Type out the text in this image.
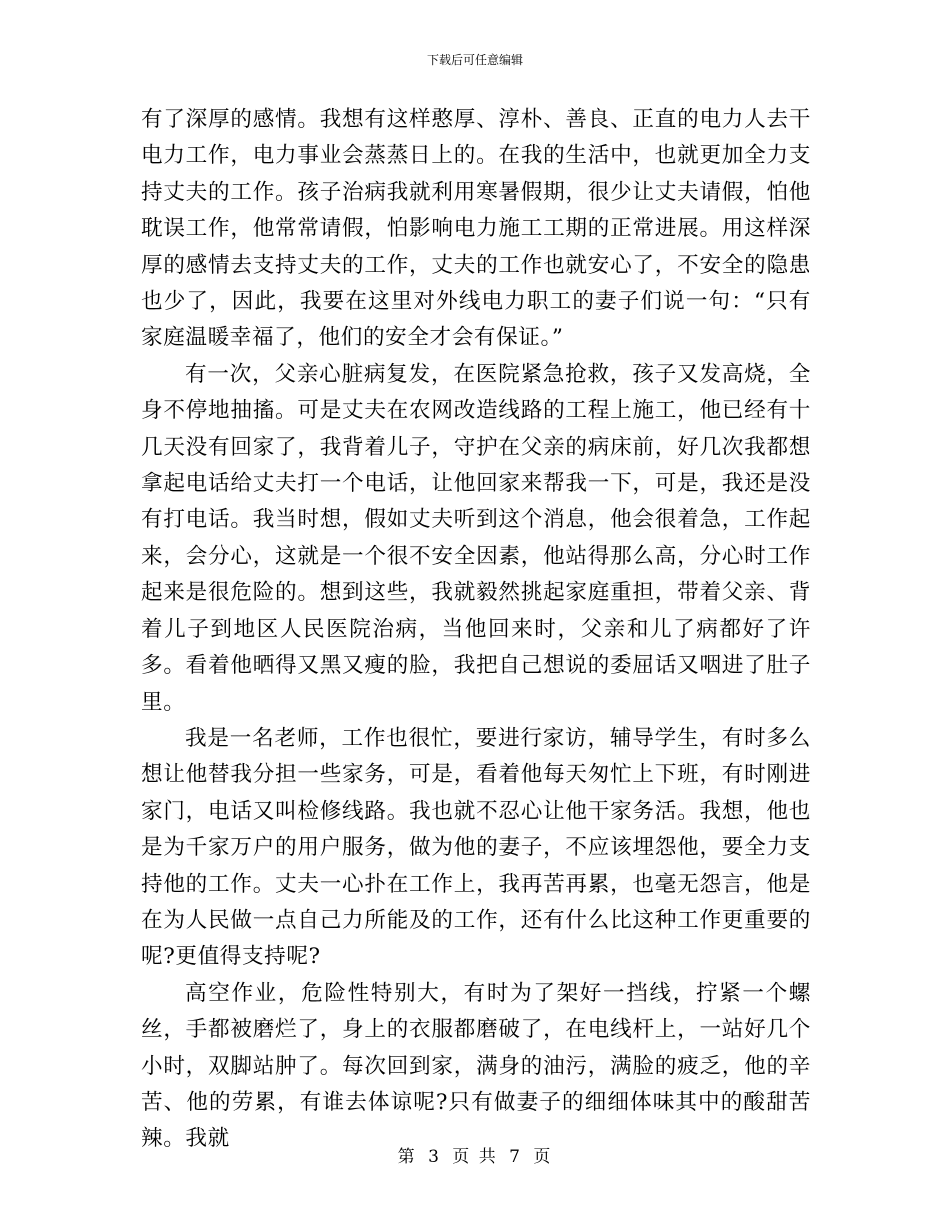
下载后可任意编辑

有了深厚的感情。我想有这样憨厚、淳朴、善良、正直的电力人去干电力工作，电力事业会蒸蒸日上的。在我的生活中，也就更加全力支持丈夫的工作。孩子治病我就利用寒暑假期，很少让丈夫请假，怕他耽误工作，他常常请假，怕影响电力施工工期的正常进展。用这样深厚的感情去支持丈夫的工作，丈夫的工作也就安心了，不安全的隐患也少了，因此，我要在这里对外线电力职工的妻子们说一句：“只有家庭温暖幸福了，他们的安全才会有保证。”

有一次，父亲心脏病复发，在医院紧急抢救，孩子又发高烧，全身不停地抽搐。可是丈夫在农网改造线路的工程上施工，他已经有十几天没有回家了，我背着儿子，守护在父亲的病床前，好几次我都想拿起电话给丈夫打一个电话，让他回家来帮我一下，可是，我还是没有打电话。我当时想，假如丈夫听到这个消息，他会很着急，工作起来，会分心，这就是一个很不安全因素，他站得那么高，分心时工作起来是很危险的。想到这些，我就毅然挑起家庭重担，带着父亲、背着儿子到地区人民医院治病，当他回来时，父亲和儿了病都好了许多。看着他晒得又黑又瘦的脸，我把自己想说的委屈话又咽进了肚子里。

我是一名老师，工作也很忙，要进行家访，辅导学生，有时多么想让他替我分担一些家务，可是，看着他每天匆忙上下班，有时刚进家门，电话又叫检修线路。我也就不忍心让他干家务活。我想，他也是为千家万户的用户服务，做为他的妻子，不应该埋怨他，要全力支持他的工作。丈夫一心扑在工作上，我再苦再累，也毫无怨言，他是在为人民做一点自己力所能及的工作，还有什么比这种工作更重要的呢?更值得支持呢?

高空作业，危险性特别大，有时为了架好一挡线，拧紧一个螺丝，手都被磨烂了，身上的衣服都磨破了，在电线杆上，一站好几个小时，双脚站肿了。每次回到家，满身的油污，满脸的疲乏，他的辛苦、他的劳累，有谁去体谅呢?只有做妻子的细细体味其中的酸甜苦辣。我就

第 3 页 共 7 页
